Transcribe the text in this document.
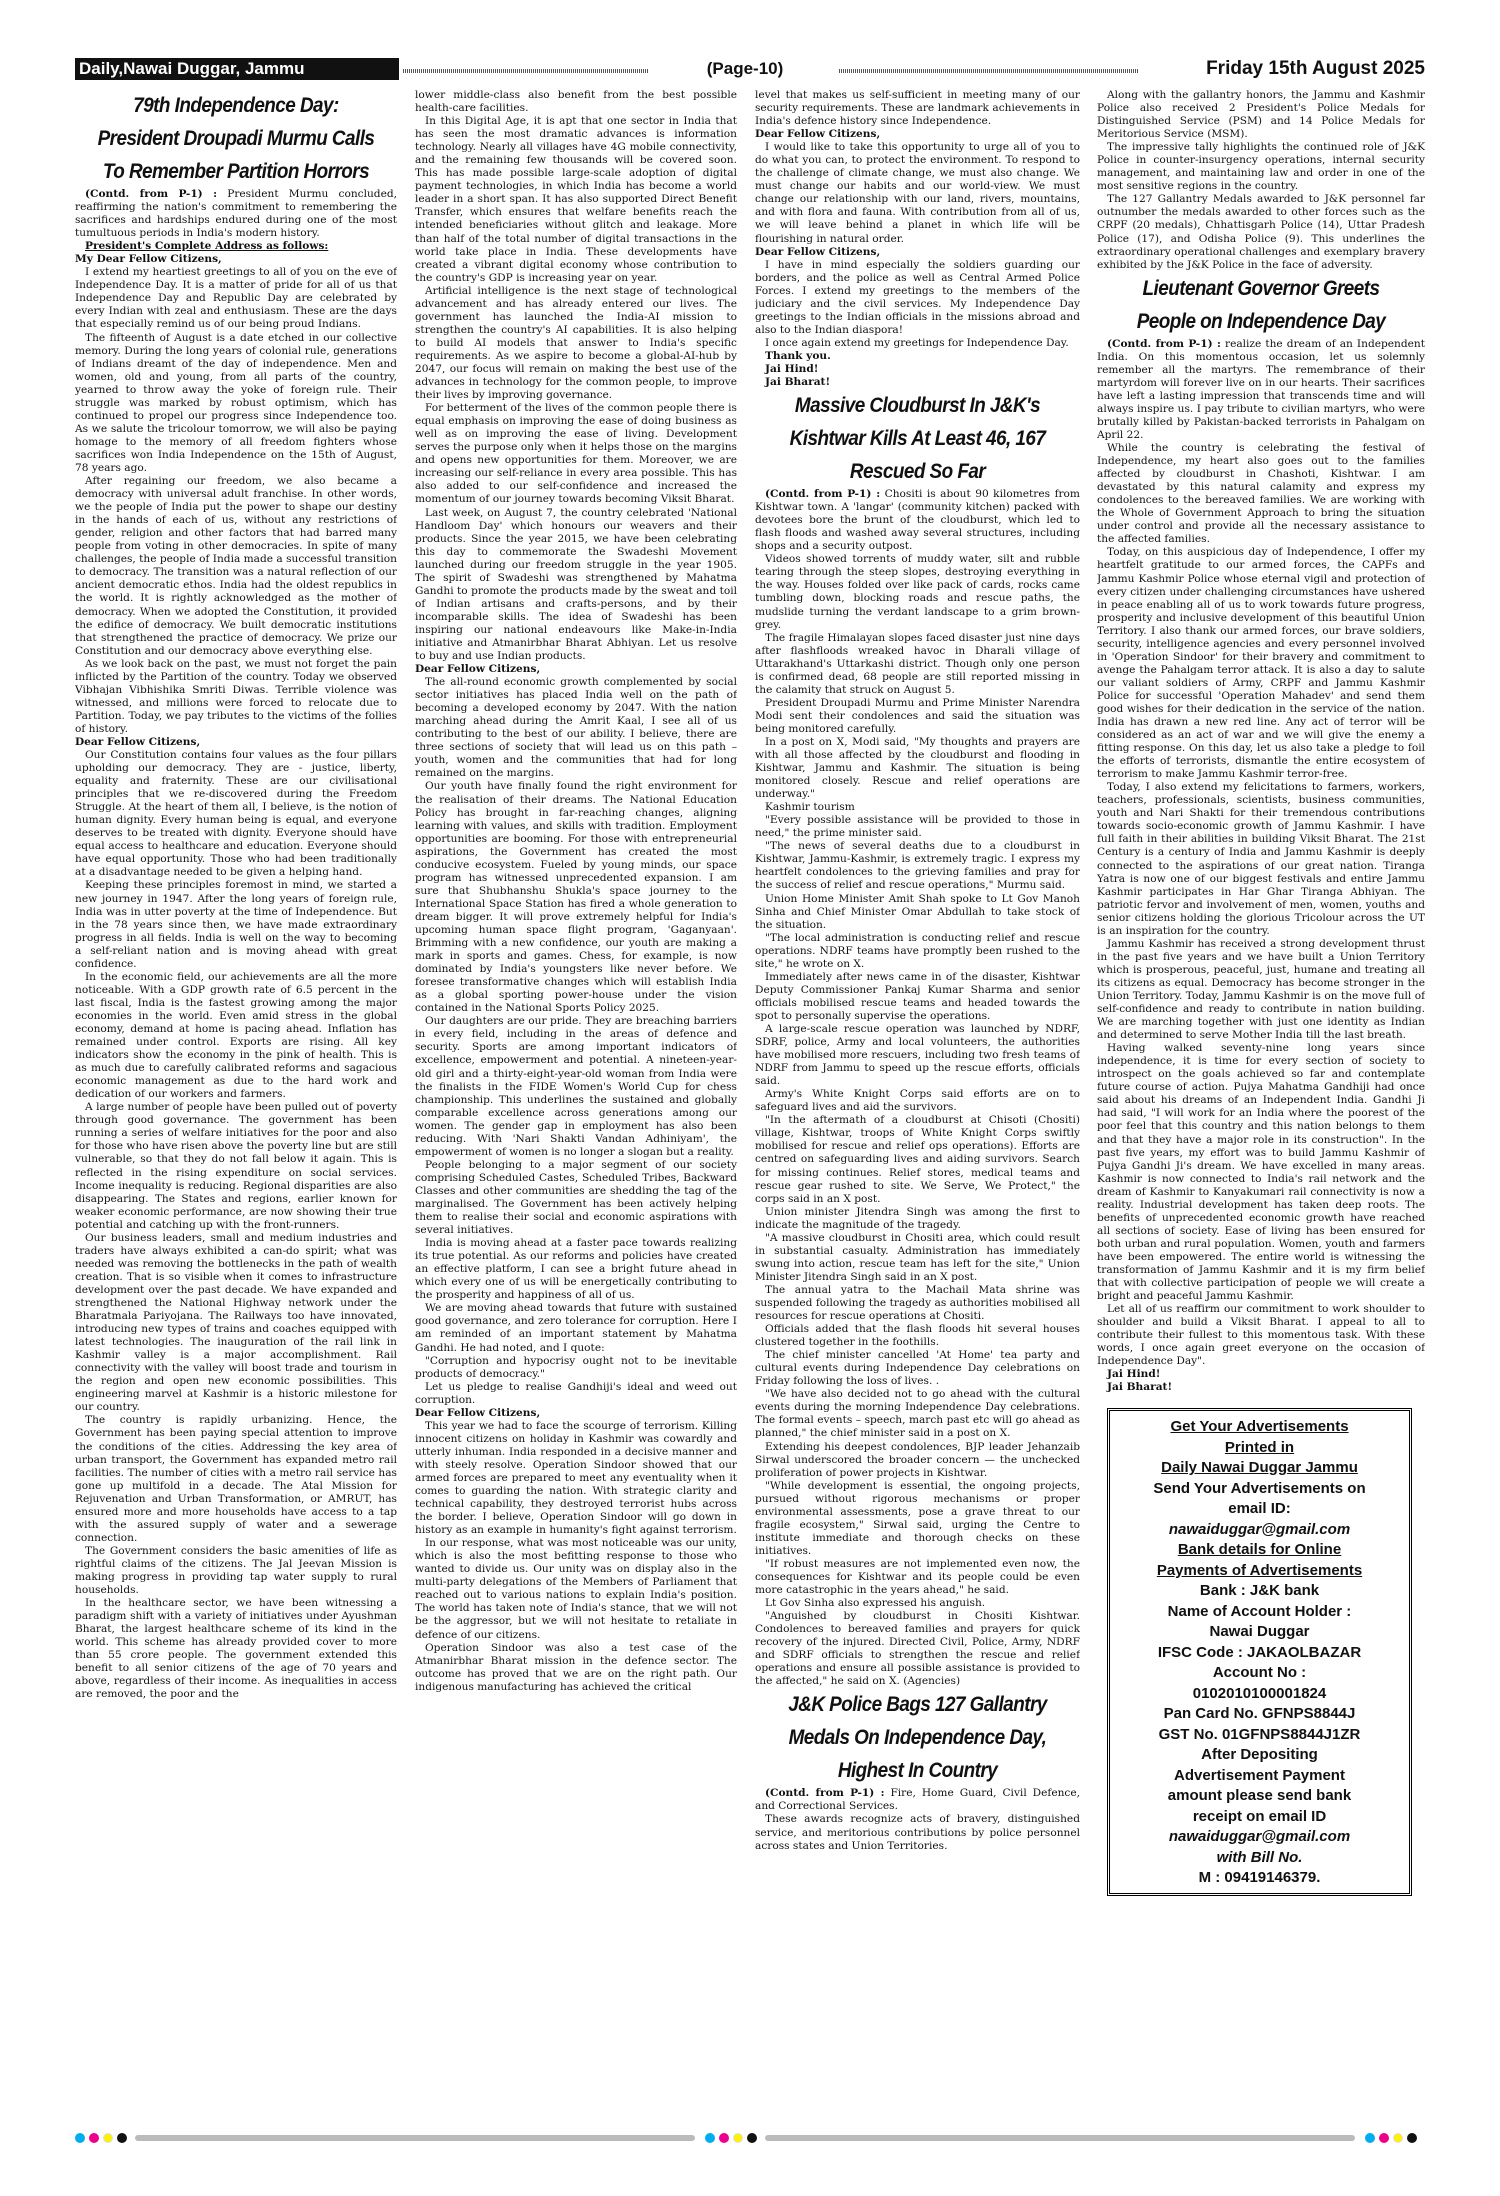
Daily,Nawai Duggar, Jammu	(Page-10)	Friday 15th August 2025

79th Independence Day: President Droupadi Murmu Calls To Remember Partition Horrors

(Contd. from P-1) : President Murmu concluded, reaffirming the nation's commitment to remembering the sacrifices and hardships endured during one of the most tumultuous periods in India's modern history.

President's Complete Address as follows:

My Dear Fellow Citizens,

I extend my heartiest greetings to all of you on the eve of Independence Day. It is a matter of pride for all of us that Independence Day and Republic Day are celebrated by every Indian with zeal and enthusiasm. These are the days that especially remind us of our being proud Indians.

The fifteenth of August is a date etched in our collective memory. During the long years of colonial rule, generations of Indians dreamt of the day of independence. Men and women, old and young, from all parts of the country, yearned to throw away the yoke of foreign rule. Their struggle was marked by robust optimism, which has continued to propel our progress since Independence too. As we salute the tricolour tomorrow, we will also be paying homage to the memory of all freedom fighters whose sacrifices won India Independence on the 15th of August, 78 years ago.

After regaining our freedom, we also became a democracy with universal adult franchise. In other words, we the people of India put the power to shape our destiny in the hands of each of us, without any restrictions of gender, religion and other factors that had barred many people from voting in other democracies. In spite of many challenges, the people of India made a successful transition to democracy. The transition was a natural reflection of our ancient democratic ethos. India had the oldest republics in the world. It is rightly acknowledged as the mother of democracy. When we adopted the Constitution, it provided the edifice of democracy. We built democratic institutions that strengthened the practice of democracy. We prize our Constitution and our democracy above everything else.

As we look back on the past, we must not forget the pain inflicted by the Partition of the country. Today we observed Vibhajan Vibhishika Smriti Diwas. Terrible violence was witnessed, and millions were forced to relocate due to Partition. Today, we pay tributes to the victims of the follies of history.

Dear Fellow Citizens,

Our Constitution contains four values as the four pillars upholding our democracy. They are - justice, liberty, equality and fraternity. These are our civilisational principles that we re-discovered during the Freedom Struggle. At the heart of them all, I believe, is the notion of human dignity. Every human being is equal, and everyone deserves to be treated with dignity. Everyone should have equal access to healthcare and education. Everyone should have equal opportunity. Those who had been traditionally at a disadvantage needed to be given a helping hand.

Keeping these principles foremost in mind, we started a new journey in 1947. After the long years of foreign rule, India was in utter poverty at the time of Independence. But in the 78 years since then, we have made extraordinary progress in all fields. India is well on the way to becoming a self-reliant nation and is moving ahead with great confidence.

In the economic field, our achievements are all the more noticeable. With a GDP growth rate of 6.5 percent in the last fiscal, India is the fastest growing among the major economies in the world. Even amid stress in the global economy, demand at home is pacing ahead. Inflation has remained under control. Exports are rising. All key indicators show the economy in the pink of health. This is as much due to carefully calibrated reforms and sagacious economic management as due to the hard work and dedication of our workers and farmers.

A large number of people have been pulled out of poverty through good governance. The government has been running a series of welfare initiatives for the poor and also for those who have risen above the poverty line but are still vulnerable, so that they do not fall below it again. This is reflected in the rising expenditure on social services. Income inequality is reducing. Regional disparities are also disappearing. The States and regions, earlier known for weaker economic performance, are now showing their true potential and catching up with the front-runners.

Our business leaders, small and medium industries and traders have always exhibited a can-do spirit; what was needed was removing the bottlenecks in the path of wealth creation. That is so visible when it comes to infrastructure development over the past decade. We have expanded and strengthened the National Highway network under the Bharatmala Pariyojana. The Railways too have innovated, introducing new types of trains and coaches equipped with latest technologies. The inauguration of the rail link in Kashmir valley is a major accomplishment. Rail connectivity with the valley will boost trade and tourism in the region and open new economic possibilities. This engineering marvel at Kashmir is a historic milestone for our country.

The country is rapidly urbanizing. Hence, the Government has been paying special attention to improve the conditions of the cities. Addressing the key area of urban transport, the Government has expanded metro rail facilities. The number of cities with a metro rail service has gone up multifold in a decade. The Atal Mission for Rejuvenation and Urban Transformation, or AMRUT, has ensured more and more households have access to a tap with the assured supply of water and a sewerage connection.

The Government considers the basic amenities of life as rightful claims of the citizens. The Jal Jeevan Mission is making progress in providing tap water supply to rural households.

In the healthcare sector, we have been witnessing a paradigm shift with a variety of initiatives under Ayushman Bharat, the largest healthcare scheme of its kind in the world. This scheme has already provided cover to more than 55 crore people. The government extended this benefit to all senior citizens of the age of 70 years and above, regardless of their income. As inequalities in access are removed, the poor and the

lower middle-class also benefit from the best possible health-care facilities.

In this Digital Age, it is apt that one sector in India that has seen the most dramatic advances is information technology. Nearly all villages have 4G mobile connectivity, and the remaining few thousands will be covered soon. This has made possible large-scale adoption of digital payment technologies, in which India has become a world leader in a short span. It has also supported Direct Benefit Transfer, which ensures that welfare benefits reach the intended beneficiaries without glitch and leakage. More than half of the total number of digital transactions in the world take place in India. These developments have created a vibrant digital economy whose contribution to the country's GDP is increasing year on year.

Artificial intelligence is the next stage of technological advancement and has already entered our lives. The government has launched the India-AI mission to strengthen the country's AI capabilities. It is also helping to build AI models that answer to India's specific requirements. As we aspire to become a global-AI-hub by 2047, our focus will remain on making the best use of the advances in technology for the common people, to improve their lives by improving governance.

For betterment of the lives of the common people there is equal emphasis on improving the ease of doing business as well as on improving the ease of living. Development serves the purpose only when it helps those on the margins and opens new opportunities for them. Moreover, we are increasing our self-reliance in every area possible. This has also added to our self-confidence and increased the momentum of our journey towards becoming Viksit Bharat.

Last week, on August 7, the country celebrated 'National Handloom Day' which honours our weavers and their products. Since the year 2015, we have been celebrating this day to commemorate the Swadeshi Movement launched during our freedom struggle in the year 1905. The spirit of Swadeshi was strengthened by Mahatma Gandhi to promote the products made by the sweat and toil of Indian artisans and crafts-persons, and by their incomparable skills. The idea of Swadeshi has been inspiring our national endeavours like Make-in-India initiative and Atmanirbhar Bharat Abhiyan. Let us resolve to buy and use Indian products.

Dear Fellow Citizens,

The all-round economic growth complemented by social sector initiatives has placed India well on the path of becoming a developed economy by 2047. With the nation marching ahead during the Amrit Kaal, I see all of us contributing to the best of our ability. I believe, there are three sections of society that will lead us on this path – youth, women and the communities that had for long remained on the margins.

Our youth have finally found the right environment for the realisation of their dreams. The National Education Policy has brought in far-reaching changes, aligning learning with values, and skills with tradition. Employment opportunities are booming. For those with entrepreneurial aspirations, the Government has created the most conducive ecosystem. Fueled by young minds, our space program has witnessed unprecedented expansion. I am sure that Shubhanshu Shukla's space journey to the International Space Station has fired a whole generation to dream bigger. It will prove extremely helpful for India's upcoming human space flight program, 'Gaganyaan'. Brimming with a new confidence, our youth are making a mark in sports and games. Chess, for example, is now dominated by India's youngsters like never before. We foresee transformative changes which will establish India as a global sporting power-house under the vision contained in the National Sports Policy 2025.

Our daughters are our pride. They are breaching barriers in every field, including in the areas of defence and security. Sports are among important indicators of excellence, empowerment and potential. A nineteen-year-old girl and a thirty-eight-year-old woman from India were the finalists in the FIDE Women's World Cup for chess championship. This underlines the sustained and globally comparable excellence across generations among our women. The gender gap in employment has also been reducing. With 'Nari Shakti Vandan Adhiniyam', the empowerment of women is no longer a slogan but a reality.

People belonging to a major segment of our society comprising Scheduled Castes, Scheduled Tribes, Backward Classes and other communities are shedding the tag of the marginalised. The Government has been actively helping them to realise their social and economic aspirations with several initiatives.

India is moving ahead at a faster pace towards realizing its true potential. As our reforms and policies have created an effective platform, I can see a bright future ahead in which every one of us will be energetically contributing to the prosperity and happiness of all of us.

We are moving ahead towards that future with sustained good governance, and zero tolerance for corruption. Here I am reminded of an important statement by Mahatma Gandhi. He had noted, and I quote:

"Corruption and hypocrisy ought not to be inevitable products of democracy."

Let us pledge to realise Gandhiji's ideal and weed out corruption.

Dear Fellow Citizens,

This year we had to face the scourge of terrorism. Killing innocent citizens on holiday in Kashmir was cowardly and utterly inhuman. India responded in a decisive manner and with steely resolve. Operation Sindoor showed that our armed forces are prepared to meet any eventuality when it comes to guarding the nation. With strategic clarity and technical capability, they destroyed terrorist hubs across the border. I believe, Operation Sindoor will go down in history as an example in humanity's fight against terrorism.

In our response, what was most noticeable was our unity, which is also the most befitting response to those who wanted to divide us. Our unity was on display also in the multi-party delegations of the Members of Parliament that reached out to various nations to explain India's position. The world has taken note of India's stance, that we will not be the aggressor, but we will not hesitate to retaliate in defence of our citizens.

Operation Sindoor was also a test case of the Atmanirbhar Bharat mission in the defence sector. The outcome has proved that we are on the right path. Our indigenous manufacturing has achieved the critical

level that makes us self-sufficient in meeting many of our security requirements. These are landmark achievements in India's defence history since Independence.

Dear Fellow Citizens,

I would like to take this opportunity to urge all of you to do what you can, to protect the environment. To respond to the challenge of climate change, we must also change. We must change our habits and our world-view. We must change our relationship with our land, rivers, mountains, and with flora and fauna. With contribution from all of us, we will leave behind a planet in which life will be flourishing in natural order.

Dear Fellow Citizens,

I have in mind especially the soldiers guarding our borders, and the police as well as Central Armed Police Forces. I extend my greetings to the members of the judiciary and the civil services. My Independence Day greetings to the Indian officials in the missions abroad and also to the Indian diaspora!

I once again extend my greetings for Independence Day.

Thank you.

Jai Hind!

Jai Bharat!

Massive Cloudburst In J&K's Kishtwar Kills At Least 46, 167 Rescued So Far

(Contd. from P-1) : Chositi is about 90 kilometres from Kishtwar town. A 'langar' (community kitchen) packed with devotees bore the brunt of the cloudburst, which led to flash floods and washed away several structures, including shops and a security outpost.

Videos showed torrents of muddy water, silt and rubble tearing through the steep slopes, destroying everything in the way. Houses folded over like pack of cards, rocks came tumbling down, blocking roads and rescue paths, the mudslide turning the verdant landscape to a grim brown-grey.

The fragile Himalayan slopes faced disaster just nine days after flashfloods wreaked havoc in Dharali village of Uttarakhand's Uttarkashi district. Though only one person is confirmed dead, 68 people are still reported missing in the calamity that struck on August 5.

President Droupadi Murmu and Prime Minister Narendra Modi sent their condolences and said the situation was being monitored carefully.

In a post on X, Modi said, "My thoughts and prayers are with all those affected by the cloudburst and flooding in Kishtwar, Jammu and Kashmir. The situation is being monitored closely. Rescue and relief operations are underway."

Kashmir tourism

"Every possible assistance will be provided to those in need," the prime minister said.

"The news of several deaths due to a cloudburst in Kishtwar, Jammu-Kashmir, is extremely tragic. I express my heartfelt condolences to the grieving families and pray for the success of relief and rescue operations," Murmu said.

Union Home Minister Amit Shah spoke to Lt Gov Manoh Sinha and Chief Minister Omar Abdullah to take stock of the situation.

"The local administration is conducting relief and rescue operations. NDRF teams have promptly been rushed to the site," he wrote on X.

Immediately after news came in of the disaster, Kishtwar Deputy Commissioner Pankaj Kumar Sharma and senior officials mobilised rescue teams and headed towards the spot to personally supervise the operations.

A large-scale rescue operation was launched by NDRF, SDRF, police, Army and local volunteers, the authorities have mobilised more rescuers, including two fresh teams of NDRF from Jammu to speed up the rescue efforts, officials said.

Army's White Knight Corps said efforts are on to safeguard lives and aid the survivors.

"In the aftermath of a cloudburst at Chisoti (Chositi) village, Kishtwar, troops of White Knight Corps swiftly mobilised for rescue and relief ops operations). Efforts are centred on safeguarding lives and aiding survivors. Search for missing continues. Relief stores, medical teams and rescue gear rushed to site. We Serve, We Protect," the corps said in an X post.

Union minister Jitendra Singh was among the first to indicate the magnitude of the tragedy.

"A massive cloudburst in Chositi area, which could result in substantial casualty. Administration has immediately swung into action, rescue team has left for the site," Union Minister Jitendra Singh said in an X post.

The annual yatra to the Machail Mata shrine was suspended following the tragedy as authorities mobilised all resources for rescue operations at Chositi.

Officials added that the flash floods hit several houses clustered together in the foothills.

The chief minister cancelled 'At Home' tea party and cultural events during Independence Day celebrations on Friday following the loss of lives. .

"We have also decided not to go ahead with the cultural events during the morning Independence Day celebrations. The formal events – speech, march past etc will go ahead as planned," the chief minister said in a post on X.

Extending his deepest condolences, BJP leader Jehanzaib Sirwal underscored the broader concern — the unchecked proliferation of power projects in Kishtwar.

"While development is essential, the ongoing projects, pursued without rigorous mechanisms or proper environmental assessments, pose a grave threat to our fragile ecosystem," Sirwal said, urging the Centre to institute immediate and thorough checks on these initiatives.

"If robust measures are not implemented even now, the consequences for Kishtwar and its people could be even more catastrophic in the years ahead," he said.

Lt Gov Sinha also expressed his anguish.

"Anguished by cloudburst in Chositi Kishtwar. Condolences to bereaved families and prayers for quick recovery of the injured. Directed Civil, Police, Army, NDRF and SDRF officials to strengthen the rescue and relief operations and ensure all possible assistance is provided to the affected," he said on X. (Agencies)

J&K Police Bags 127 Gallantry Medals On Independence Day, Highest In Country

(Contd. from P-1) : Fire, Home Guard, Civil Defence, and Correctional Services.

These awards recognize acts of bravery, distinguished service, and meritorious contributions by police personnel across states and Union Territories.

Along with the gallantry honors, the Jammu and Kashmir Police also received 2 President's Police Medals for Distinguished Service (PSM) and 14 Police Medals for Meritorious Service (MSM).

The impressive tally highlights the continued role of J&K Police in counter-insurgency operations, internal security management, and maintaining law and order in one of the most sensitive regions in the country.

The 127 Gallantry Medals awarded to J&K personnel far outnumber the medals awarded to other forces such as the CRPF (20 medals), Chhattisgarh Police (14), Uttar Pradesh Police (17), and Odisha Police (9). This underlines the extraordinary operational challenges and exemplary bravery exhibited by the J&K Police in the face of adversity.

Lieutenant Governor Greets People on Independence Day

(Contd. from P-1) : realize the dream of an Independent India. On this momentous occasion, let us solemnly remember all the martyrs. The remembrance of their martyrdom will forever live on in our hearts. Their sacrifices have left a lasting impression that transcends time and will always inspire us. I pay tribute to civilian martyrs, who were brutally killed by Pakistan-backed terrorists in Pahalgam on April 22.

While the country is celebrating the festival of Independence, my heart also goes out to the families affected by cloudburst in Chashoti, Kishtwar. I am devastated by this natural calamity and express my condolences to the bereaved families. We are working with the Whole of Government Approach to bring the situation under control and provide all the necessary assistance to the affected families.

Today, on this auspicious day of Independence, I offer my heartfelt gratitude to our armed forces, the CAPFs and Jammu Kashmir Police whose eternal vigil and protection of every citizen under challenging circumstances have ushered in peace enabling all of us to work towards future progress, prosperity and inclusive development of this beautiful Union Territory. I also thank our armed forces, our brave soldiers, security, intelligence agencies and every personnel involved in 'Operation Sindoor' for their bravery and commitment to avenge the Pahalgam terror attack. It is also a day to salute our valiant soldiers of Army, CRPF and Jammu Kashmir Police for successful 'Operation Mahadev' and send them good wishes for their dedication in the service of the nation. India has drawn a new red line. Any act of terror will be considered as an act of war and we will give the enemy a fitting response. On this day, let us also take a pledge to foil the efforts of terrorists, dismantle the entire ecosystem of terrorism to make Jammu Kashmir terror-free.

Today, I also extend my felicitations to farmers, workers, teachers, professionals, scientists, business communities, youth and Nari Shakti for their tremendous contributions towards socio-economic growth of Jammu Kashmir. I have full faith in their abilities in building Viksit Bharat. The 21st Century is a century of India and Jammu Kashmir is deeply connected to the aspirations of our great nation. Tiranga Yatra is now one of our biggest festivals and entire Jammu Kashmir participates in Har Ghar Tiranga Abhiyan. The patriotic fervor and involvement of men, women, youths and senior citizens holding the glorious Tricolour across the UT is an inspiration for the country.

Jammu Kashmir has received a strong development thrust in the past five years and we have built a Union Territory which is prosperous, peaceful, just, humane and treating all its citizens as equal. Democracy has become stronger in the Union Territory. Today, Jammu Kashmir is on the move full of self-confidence and ready to contribute in nation building. We are marching together with just one identity as Indian and determined to serve Mother India till the last breath.

Having walked seventy-nine long years since independence, it is time for every section of society to introspect on the goals achieved so far and contemplate future course of action. Pujya Mahatma Gandhiji had once said about his dreams of an Independent India. Gandhi Ji had said, "I will work for an India where the poorest of the poor feel that this country and this nation belongs to them and that they have a major role in its construction". In the past five years, my effort was to build Jammu Kashmir of Pujya Gandhi Ji's dream. We have excelled in many areas. Kashmir is now connected to India's rail network and the dream of Kashmir to Kanyakumari rail connectivity is now a reality. Industrial development has taken deep roots. The benefits of unprecedented economic growth have reached all sections of society. Ease of living has been ensured for both urban and rural population. Women, youth and farmers have been empowered. The entire world is witnessing the transformation of Jammu Kashmir and it is my firm belief that with collective participation of people we will create a bright and peaceful Jammu Kashmir.

Let all of us reaffirm our commitment to work shoulder to shoulder and build a Viksit Bharat. I appeal to all to contribute their fullest to this momentous task. With these words, I once again greet everyone on the occasion of Independence Day".

Jai Hind!

Jai Bharat!

Get Your Advertisements
Printed in
Daily Nawai Duggar Jammu
Send Your Advertisements on
email ID:
nawaiduggar@gmail.com
Bank details for Online
Payments of Advertisements
Bank : J&K bank
Name of Account Holder :
Nawai Duggar
IFSC Code : JAKAOLBAZAR
Account No :
0102010100001824
Pan Card No. GFNPS8844J
GST No. 01GFNPS8844J1ZR
After Depositing
Advertisement Payment
amount please send bank
receipt on email ID
nawaiduggar@gmail.com
with Bill No.
M : 09419146379.
